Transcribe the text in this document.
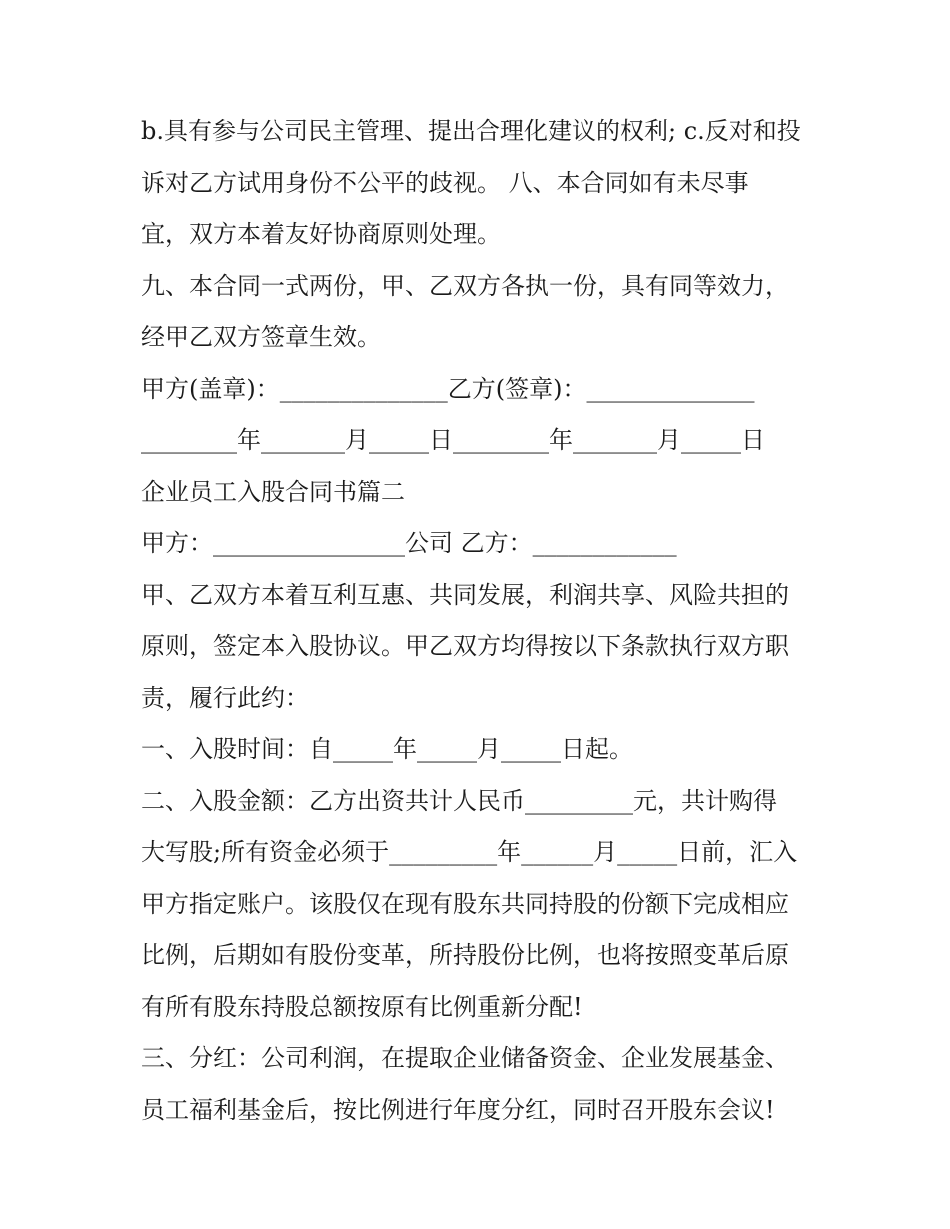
b.具有参与公司民主管理、提出合理化建议的权利; c.反对和投
诉对乙方试用身份不公平的歧视。 八、本合同如有未尽事
宜，双方本着友好协商原则处理。
九、本合同一式两份，甲、乙双方各执一份，具有同等效力，
经甲乙双方签章生效。
甲方(盖章)：______________乙方(签章)：______________
________年_______月_____日________年_______月_____日
企业员工入股合同书篇二
甲方：________________公司 乙方：____________
甲、乙双方本着互利互惠、共同发展，利润共享、风险共担的
原则，签定本入股协议。甲乙双方均得按以下条款执行双方职
责，履行此约：
一、入股时间：自_____年_____月_____日起。
二、入股金额：乙方出资共计人民币_________元，共计购得
大写股;所有资金必须于_________年______月_____日前，汇入
甲方指定账户。该股仅在现有股东共同持股的份额下完成相应
比例，后期如有股份变革，所持股份比例，也将按照变革后原
有所有股东持股总额按原有比例重新分配!
三、分红：公司利润，在提取企业储备资金、企业发展基金、
员工福利基金后，按比例进行年度分红，同时召开股东会议!
